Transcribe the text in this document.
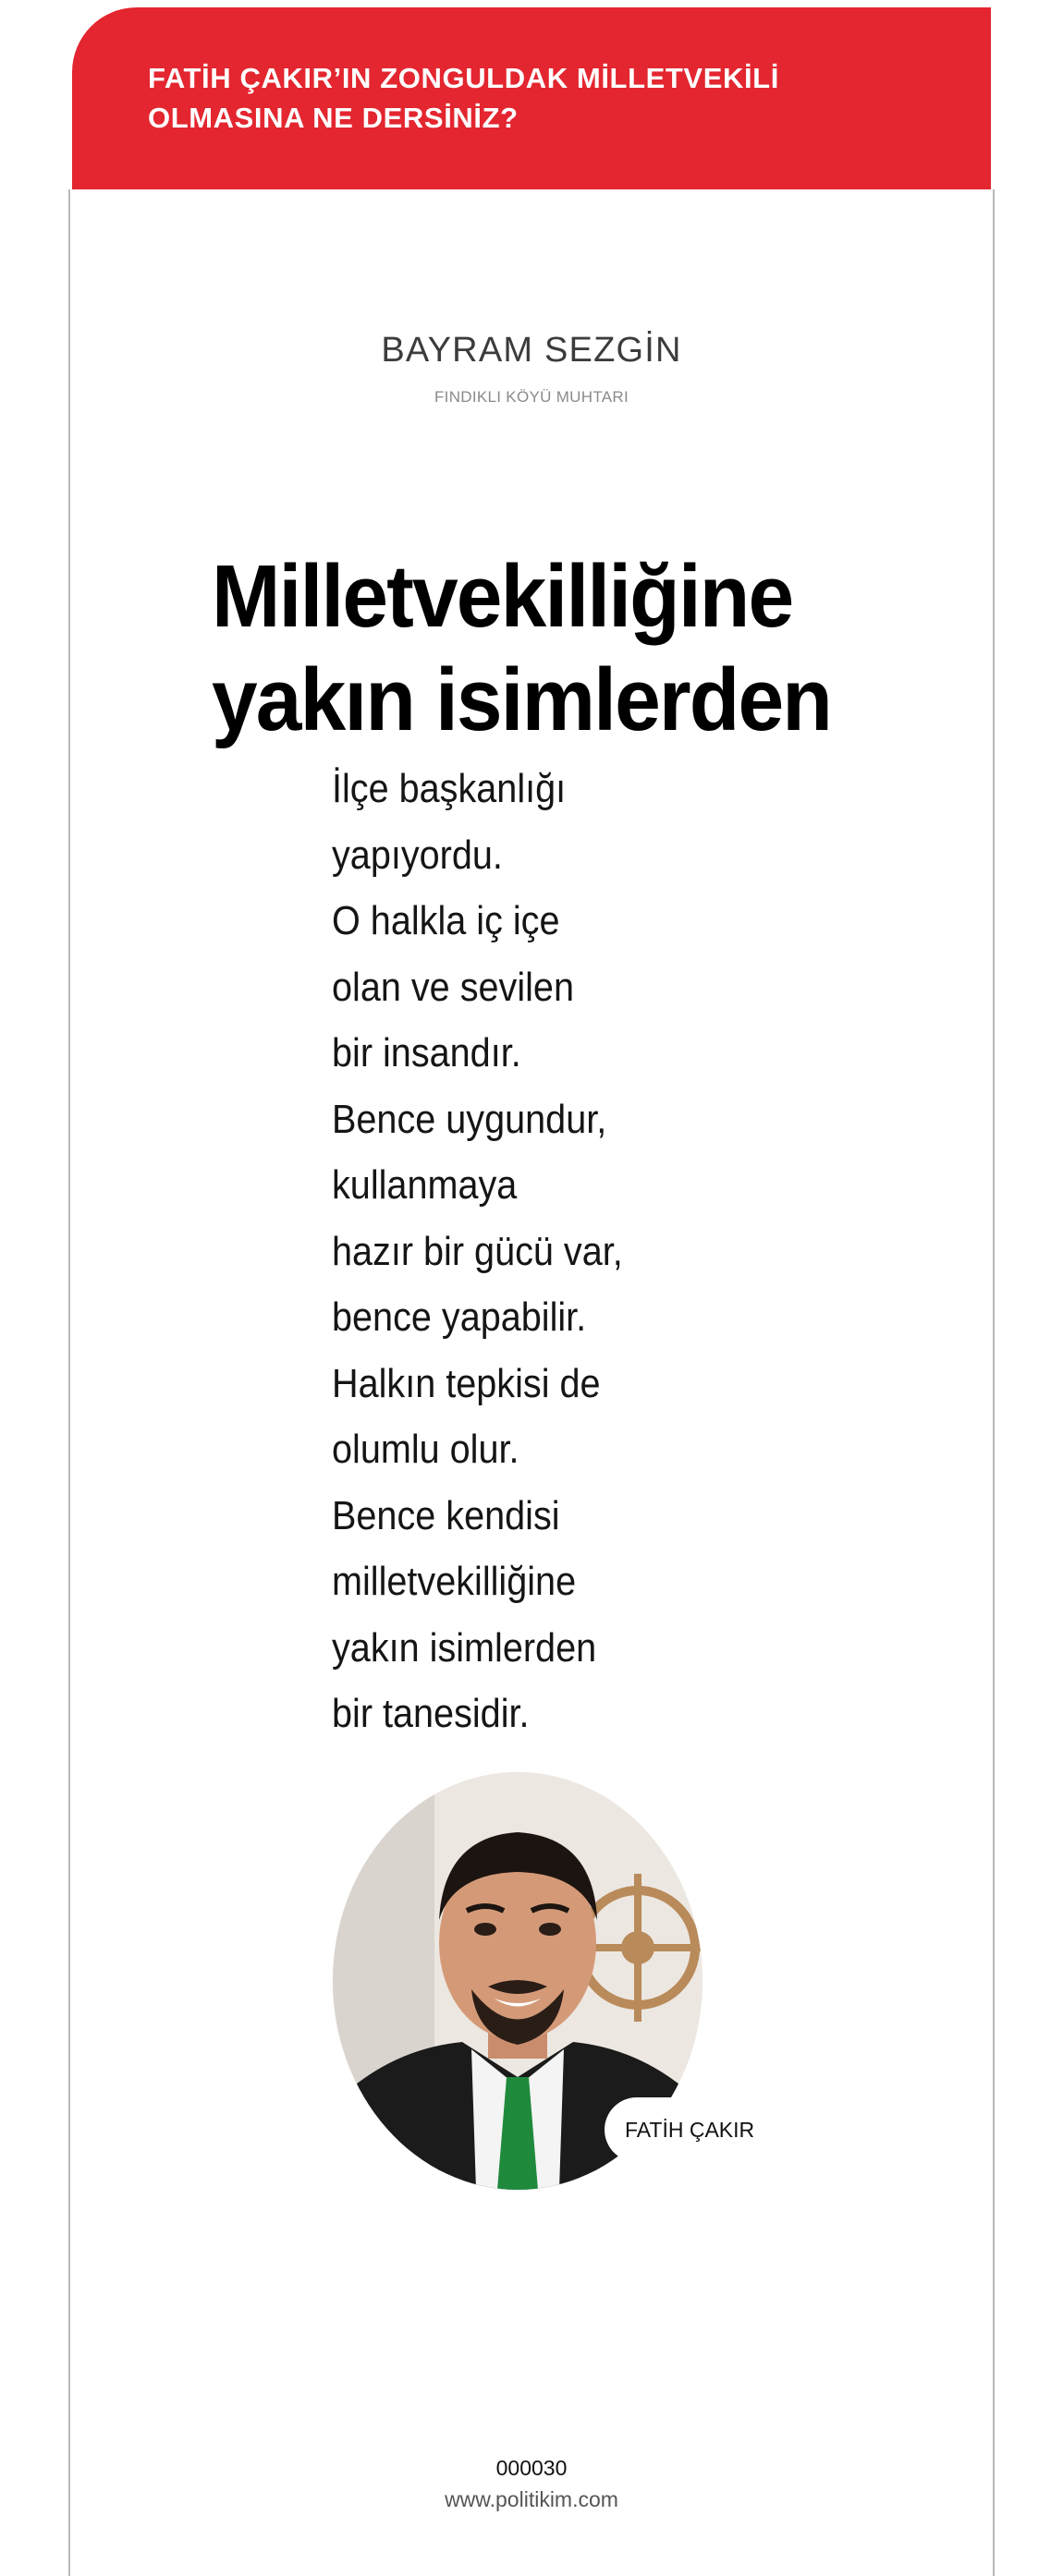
FATİH ÇAKIR’IN ZONGULDAK MİLLETVEKİLİ OLMASINA NE DERSİNİZ?
BAYRAM SEZGİN
FINDIKLI KÖYÜ MUHTARI
Milletvekilliğine
yakın isimlerden
İlçe başkanlığı
yapıyordu.
O halkla iç içe
olan ve sevilen
bir insandır.
Bence uygundur,
kullanmaya
hazır bir gücü var,
bence yapabilir.
Halkın tepkisi de
olumlu olur.
Bence kendisi
milletvekilliğine
yakın isimlerden
bir tanesidir.
FATİH ÇAKIR
000030
www.politikim.com
